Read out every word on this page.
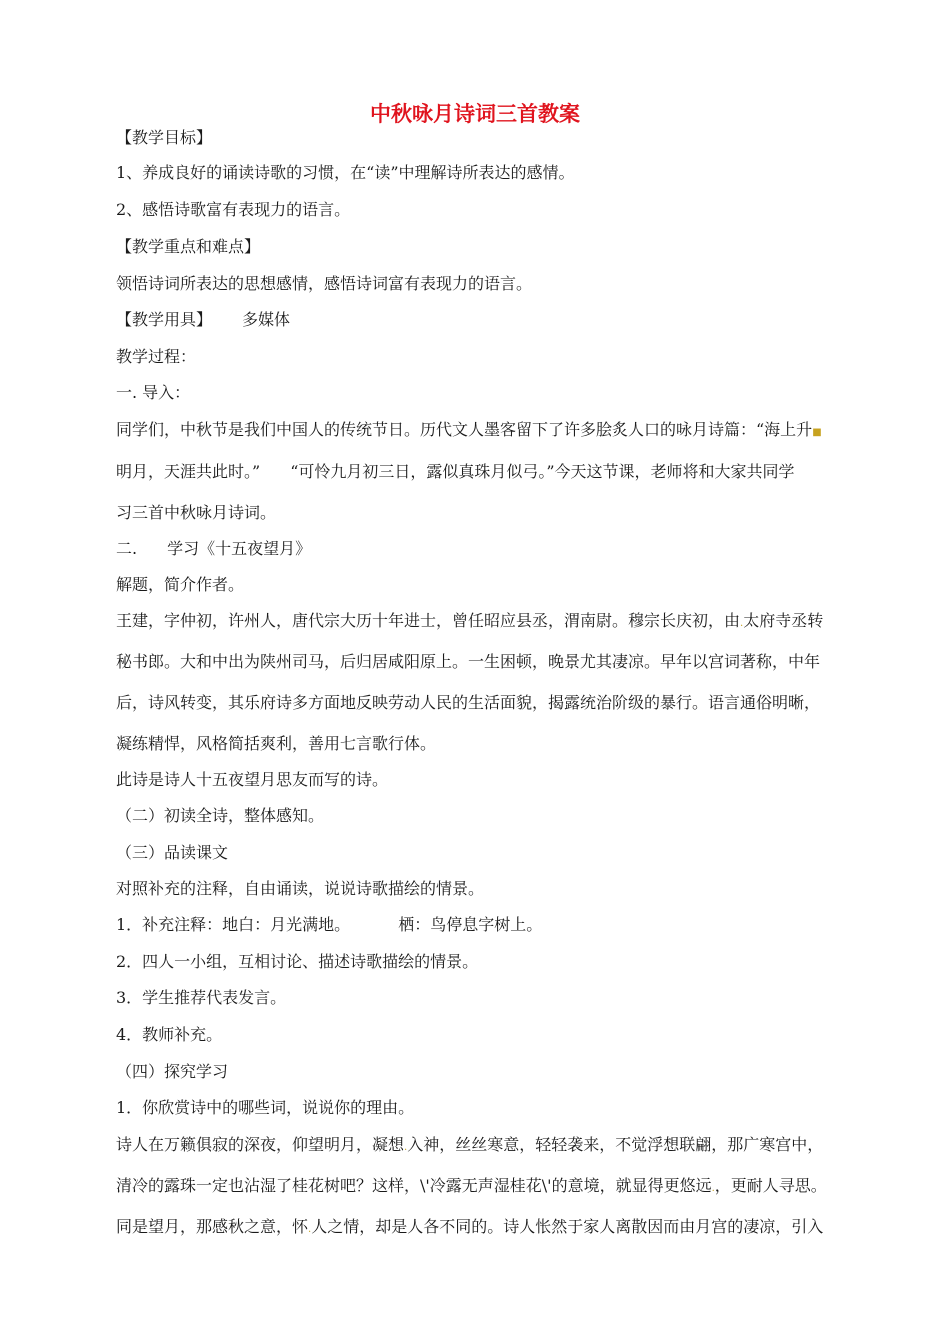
中秋咏月诗词三首教案

【教学目标】

1、养成良好的诵读诗歌的习惯，在“读”中理解诗所表达的感情。

2、感悟诗歌富有表现力的语言。

【教学重点和难点】

领悟诗词所表达的思想感情，感悟诗词富有表现力的语言。

【教学用具】 多媒体

教学过程：

一. 导入：

同学们，中秋节是我们中国人的传统节日。历代文人墨客留下了许多脍炙人口的咏月诗篇：“海上升■

明月，天涯共此时。” “可怜九月初三日，露似真珠月似弓。”今天这节课，老师将和大家共同学

习三首中秋咏月诗词。

二. 学习《十五夜望月》

解题，简介作者。

王建，字仲初，许州人，唐代宗大历十年进士，曾任昭应县丞，渭南尉。穆宗长庆初，由.太府寺丞转

秘书郎。大和中出为陕州司马，后归居咸阳原上。一生困顿，晚景尤其凄凉。早年以宫词著称，中年

后，诗风转变，其乐府诗多方面地反映劳动人民的生活面貌，揭露统治阶级的暴行。语言通俗明晰，

凝练精悍，风格简括爽利，善用七言歌行体。

此诗是诗人十五夜望月思友而写的诗。

（二）初读全诗，整体感知。

（三）品读课文

对照补充的注释，自由诵读，说说诗歌描绘的情景。

1．补充注释：地白：月光满地。	栖：鸟停息字树上。

2．四人一小组，互相讨论、描述诗歌描绘的情景。

3．学生推荐代表发言。

4．教师补充。

（四）探究学习

1．你欣赏诗中的哪些词，说说你的理由。

诗人在万籁俱寂的深夜，仰望明月，凝想.入神，丝丝寒意，轻轻袭来，不觉浮想联翩，那广寒宫中，

清冷的露珠一定也沾湿了桂花树吧？这样，\'冷露无声湿桂花\'的意境，就显得更悠远.，更耐人寻思。

同是望月，那感秋之意，怀.人之情，却是人各不同的。诗人怅然于家人离散因而由月宫的凄凉，引入
